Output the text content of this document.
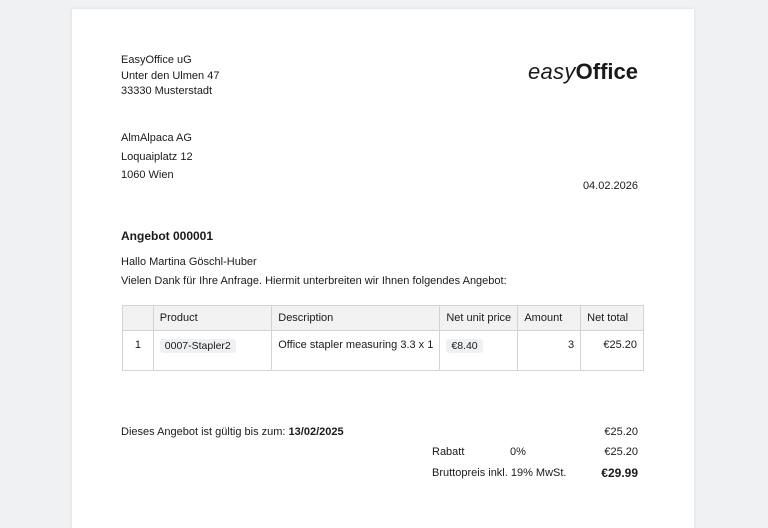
EasyOffice uG
Unter den Ulmen 47
33330 Musterstadt
easyOffice
AlmAlpaca AG
Loquaiplatz 12
1060 Wien
04.02.2026
Angebot 000001
Hallo Martina Göschl-Huber
Vielen Dank für Ihre Anfrage. Hiermit unterbreiten wir Ihnen folgendes Angebot:
	Product	Description	Net unit price	Amount	Net total
1	0007-Stapler2	Office stapler measuring 3.3 x 1	€8.40	3	€25.20
Dieses Angebot ist gültig bis zum: 13/02/2025	€25.20
Rabatt	0%	€25.20
Bruttopreis inkl. 19% MwSt.	€29.99
